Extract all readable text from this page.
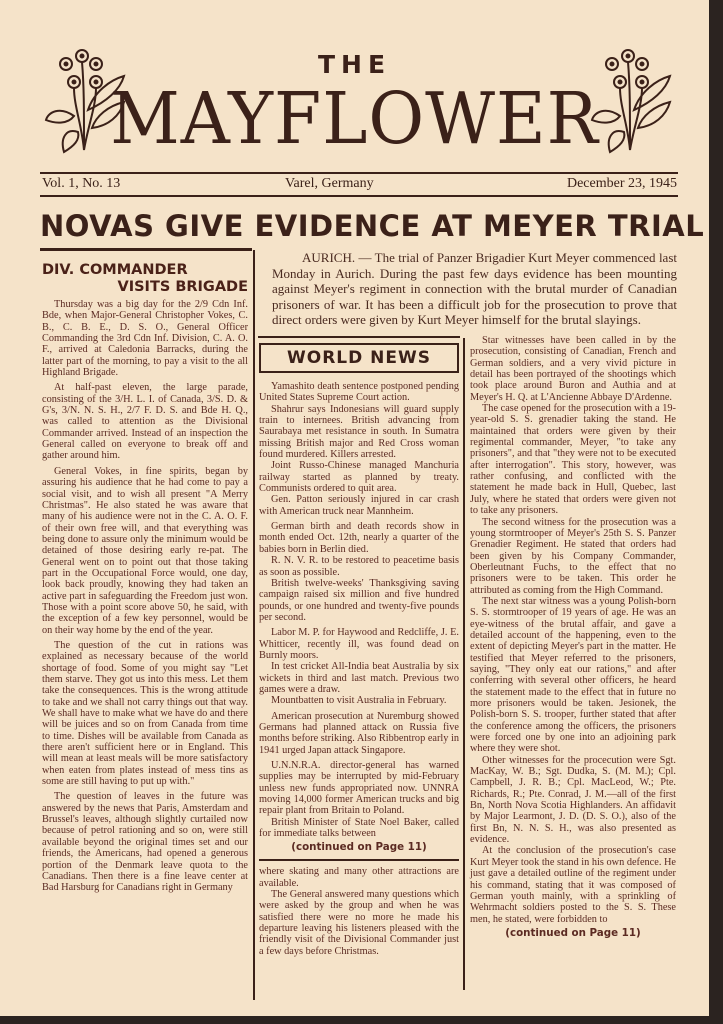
THE
MAYFLOWER
Vol. 1, No. 13	Varel, Germany	December 23, 1945
NOVAS GIVE EVIDENCE AT MEYER TRIAL
DIV. COMMANDER
VISITS BRIGADE

Thursday was a big day for the 2/9 Cdn Inf. Bde, when Major-General Christopher Vokes, C. B., C. B. E., D. S. O., General Officer Commanding the 3rd Cdn Inf. Division, C. A. O. F., arrived at Caledonia Barracks, during the latter part of the morning, to pay a visit to the all Highland Brigade.

At half-past eleven, the large parade, consisting of the 3/H. L. I. of Canada, 3/S. D. & G's, 3/N. N. S. H., 2/7 F. D. S. and Bde H. Q., was called to attention as the Divisional Commander arrived. Instead of an inspection the General called on everyone to break off and gather around him.

General Vokes, in fine spirits, began by assuring his audience that he had come to pay a social visit, and to wish all present "A Merry Christmas". He also stated he was aware that many of his audience were not in the C. A. O. F. of their own free will, and that everything was being done to assure only the minimum would be detained of those desiring early re-pat. The General went on to point out that those taking part in the Occupational Force would, one day, look back proudly, knowing they had taken an active part in safeguarding the Freedom just won. Those with a point score above 50, he said, with the exception of a few key personnel, would be on their way home by the end of the year.

The question of the cut in rations was explained as necessary because of the world shortage of food. Some of you might say "Let them starve. They got us into this mess. Let them take the consequences. This is the wrong attitude to take and we shall not carry things out that way. We shall have to make what we have do and there will be juices and so on from Canada from time to time. Dishes will be available from Canada as there aren't sufficient here or in England. This will mean at least meals will be more satisfactory when eaten from plates instead of mess tins as some are still having to put up with."

The question of leaves in the future was answered by the news that Paris, Amsterdam and Brussel's leaves, although slightly curtailed now because of petrol rationing and so on, were still available beyond the original times set and our friends, the Americans, had opened a generous portion of the Denmark leave quota to the Canadians. Then there is a fine leave center at Bad Harsburg for Canadians right in Germany

AURICH. — The trial of Panzer Brigadier Kurt Meyer commenced last Monday in Aurich. During the past few days evidence has been mounting against Meyer's regiment in connection with the brutal murder of Canadian prisoners of war. It has been a difficult job for the prosecution to prove that direct orders were given by Kurt Meyer himself for the brutal slayings.

WORLD NEWS

Yamashito death sentence postponed pending United States Supreme Court action.

Shahrur says Indonesians will guard supply train to internees. British advancing from Saurabaya met resistance in south. In Sumatra missing British major and Red Cross woman found murdered. Killers arrested.

Joint Russo-Chinese managed Manchuria railway started as planned by treaty. Communists ordered to quit area.

Gen. Patton seriously injured in car crash with American truck near Mannheim.

German birth and death records show in month ended Oct. 12th, nearly a quarter of the babies born in Berlin died.

R. N. V. R. to be restored to peacetime basis as soon as possible.

British twelve-weeks' Thanksgiving saving campaign raised six million and five hundred pounds, or one hundred and twenty-five pounds per second.

Labor M. P. for Haywood and Redcliffe, J. E. Whitticer, recently ill, was found dead on Burnly moors.

In test cricket All-India beat Australia by six wickets in third and last match. Previous two games were a draw.

Mountbatten to visit Australia in February.

American prosecution at Nuremburg showed Germans had planned attack on Russia five months before striking. Also Ribbentrop early in 1941 urged Japan attack Singapore.

U.N.N.R.A. director-general has warned supplies may be interrupted by mid-February unless new funds appropriated now. UNNRA moving 14,000 former American trucks and big repair plant from Britain to Poland.

British Minister of State Noel Baker, called for immediate talks between

(continued on Page 11)

where skating and many other attractions are available.

The General answered many questions which were asked by the group and when he was satisfied there were no more he made his departure leaving his listeners pleased with the friendly visit of the Divisional Commander just a few days before Christmas.

Star witnesses have been called in by the prosecution, consisting of Canadian, French and German soldiers, and a very vivid picture in detail has been portrayed of the shootings which took place around Buron and Authia and at Meyer's H. Q. at L'Ancienne Abbaye D'Ardenne.

The case opened for the prosecution with a 19-year-old S. S. grenadier taking the stand. He maintained that orders were given by their regimental commander, Meyer, "to take any prisoners", and that "they were not to be executed after interrogation". This story, however, was rather confusing, and conflicted with the statement he made back in Hull, Quebec, last July, where he stated that orders were given not to take any prisoners.

The second witness for the prosecution was a young stormtrooper of Meyer's 25th S. S. Panzer Grenadier Regiment. He stated that orders had been given by his Company Commander, Oberleutnant Fuchs, to the effect that no prisoners were to be taken. This order he attributed as coming from the High Command.

The next star witness was a young Polish-born S. S. stormtrooper of 19 years of age. He was an eye-witness of the brutal affair, and gave a detailed account of the happening, even to the extent of depicting Meyer's part in the matter. He testified that Meyer referred to the prisoners, saying, "They only eat our rations," and after conferring with several other officers, he heard the statement made to the effect that in future no more prisoners would be taken. Jesionek, the Polish-born S. S. trooper, further stated that after the conference among the officers, the prisoners were forced one by one into an adjoining park where they were shot.

Other witnesses for the procecution were Sgt. MacKay, W. B.; Sgt. Dudka, S. (M. M.); Cpl. Campbell, J. R. B.; Cpl. MacLeod, W.; Pte. Richards, R.; Pte. Conrad, J. M.—all of the first Bn, North Nova Scotia Highlanders. An affidavit by Major Learmont, J. D. (D. S. O.), also of the first Bn, N. N. S. H., was also presented as evidence.

At the conclusion of the prosecution's case Kurt Meyer took the stand in his own defence. He just gave a detailed outline of the regiment under his command, stating that it was composed of German youth mainly, with a sprinkling of Wehrmacht soldiers posted to the S. S. These men, he stated, were forbidden to

(continued on Page 11)
